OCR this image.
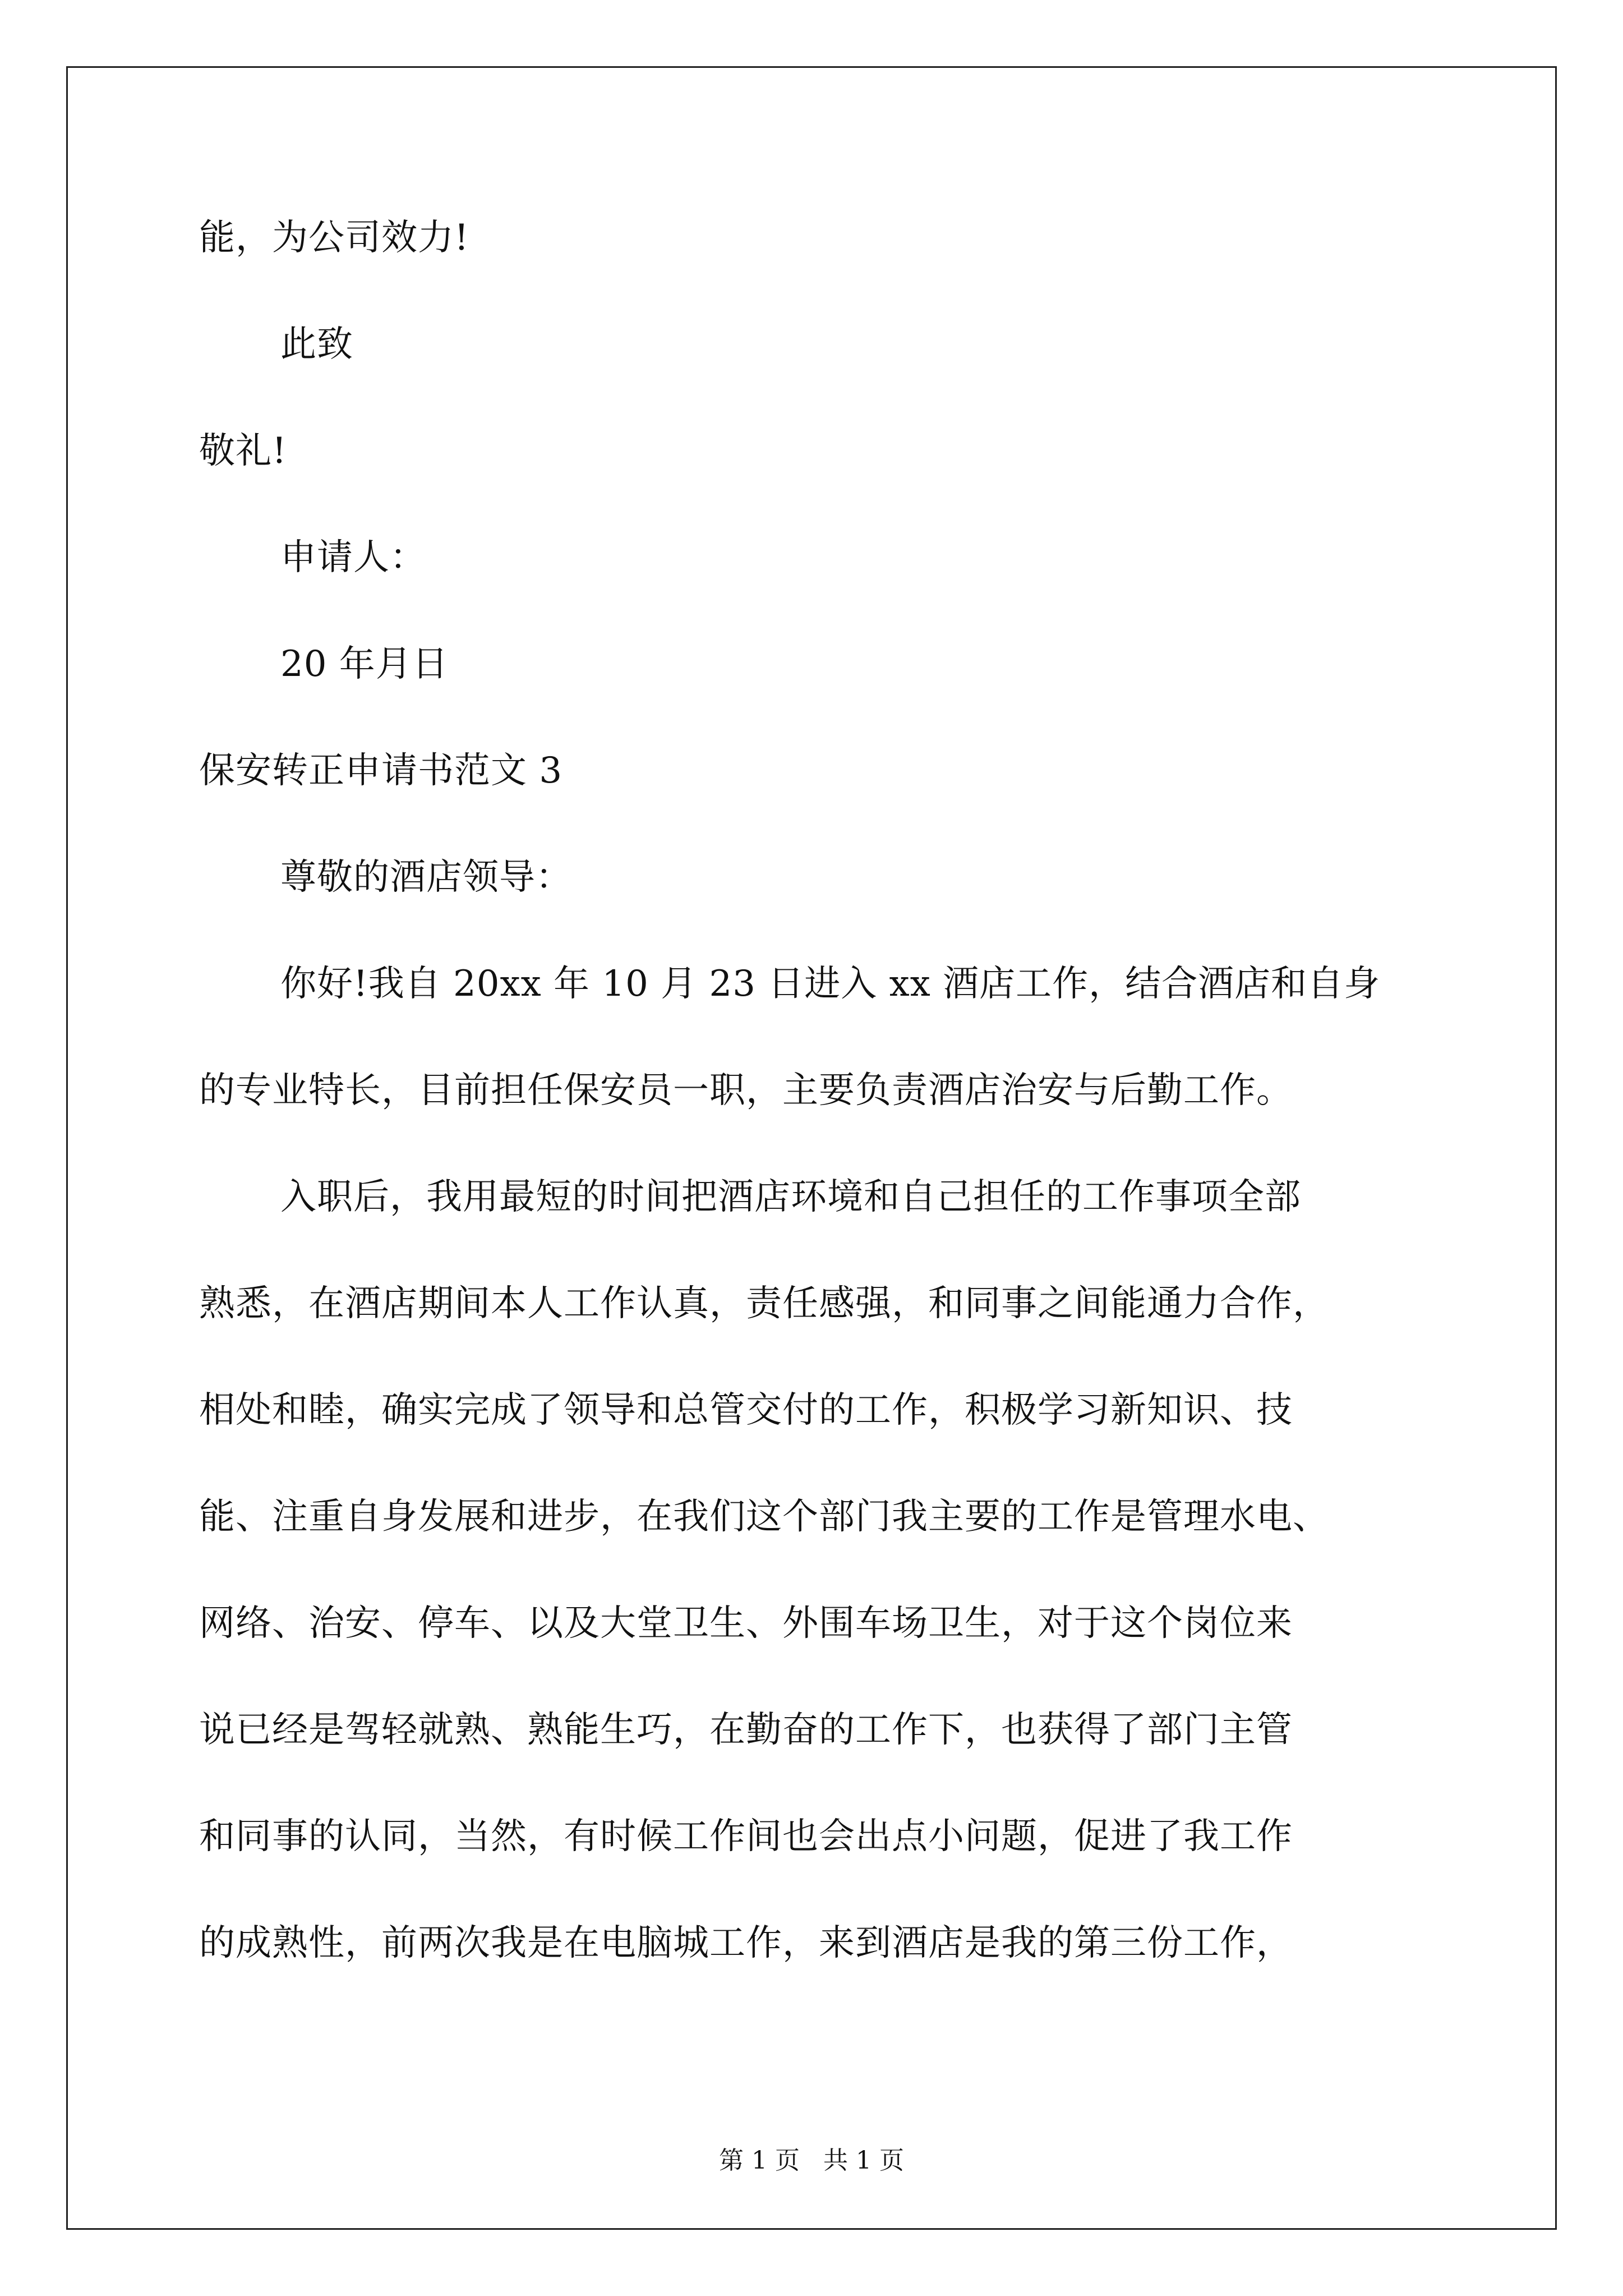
能，为公司效力!
此致
敬礼!
申请人：
20 年月日
保安转正申请书范文 3
尊敬的酒店领导：
你好!我自 20xx 年 10 月 23 日进入 xx 酒店工作，结合酒店和自身
的专业特长，目前担任保安员一职，主要负责酒店治安与后勤工作。
入职后，我用最短的时间把酒店环境和自己担任的工作事项全部
熟悉，在酒店期间本人工作认真，责任感强，和同事之间能通力合作，
相处和睦，确实完成了领导和总管交付的工作，积极学习新知识、技
能、注重自身发展和进步，在我们这个部门我主要的工作是管理水电、
网络、治安、停车、以及大堂卫生、外围车场卫生，对于这个岗位来
说已经是驾轻就熟、熟能生巧，在勤奋的工作下，也获得了部门主管
和同事的认同，当然，有时候工作间也会出点小问题，促进了我工作
的成熟性，前两次我是在电脑城工作，来到酒店是我的第三份工作，
第 1 页   共 1 页
